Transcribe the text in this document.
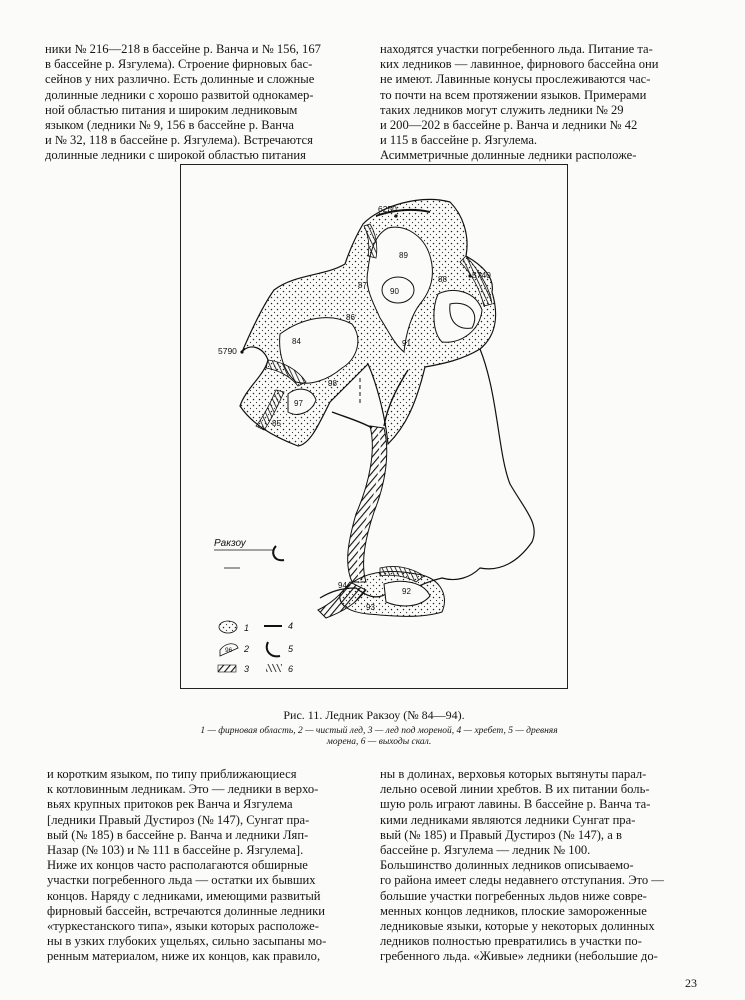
ники № 216—218 в бассейне р. Ванча и № 156, 167
в бассейне р. Язгулема). Строение фирновых бас-
сейнов у них различно. Есть долинные и сложные
долинные ледники с хорошо развитой однокамер-
ной областью питания и широким ледниковым
языком (ледники № 9, 156 в бассейне р. Ванча
и № 32, 118 в бассейне р. Язгулема). Встречаются
долинные ледники с широкой областью питания

находятся участки погребенного льда. Питание та-
ких ледников — лавинное, фирнового бассейна они
не имеют. Лавинные конусы прослеживаются час-
то почти на всем протяжении языков. Примерами
таких ледников могут служить ледники № 29
и 200—202 в бассейне р. Ванча и ледники № 42
и 115 в бассейне р. Язгулема.
Асимметричные долинные ледники расположе-

6250
5740
5790
89
90
87
88
86
84	91
98
97
85
94
92
93
Ракзоу
1
96 2
3
4
5
6
Рис. 11. Ледник Ракзоу (№ 84—94).
1 — фирновая область, 2 — чистый лед, 3 — лед под мореной, 4 — хребет, 5 — древняя морена, 6 — выходы скал.

и коротким языком, по типу приближающиеся
к котловинным ледникам. Это — ледники в верхо-
вьях крупных притоков рек Ванча и Язгулема
[ледники Правый Дустироз (№ 147), Сунгат пра-
вый (№ 185) в бассейне р. Ванча и ледники Ляп-
Назар (№ 103) и № 111 в бассейне р. Язгулема].
Ниже их концов часто располагаются обширные
участки погребенного льда — остатки их бывших
концов. Наряду с ледниками, имеющими развитый
фирновый бассейн, встречаются долинные ледники
«туркестанского типа», языки которых расположе-
ны в узких глубоких ущельях, сильно засыпаны мо-
ренным материалом, ниже их концов, как правило,

ны в долинах, верховья которых вытянуты парал-
лельно осевой линии хребтов. В их питании боль-
шую роль играют лавины. В бассейне р. Ванча та-
кими ледниками являются ледники Сунгат пра-
вый (№ 185) и Правый Дустироз (№ 147), а в
бассейне р. Язгулема — ледник № 100.
Большинство долинных ледников описываемо-
го района имеет следы недавнего отступания. Это —
большие участки погребенных льдов ниже совре-
менных концов ледников, плоские замороженные
ледниковые языки, которые у некоторых долинных
ледников полностью превратились в участки по-
гребенного льда. «Живые» ледники (небольшие до-

23
